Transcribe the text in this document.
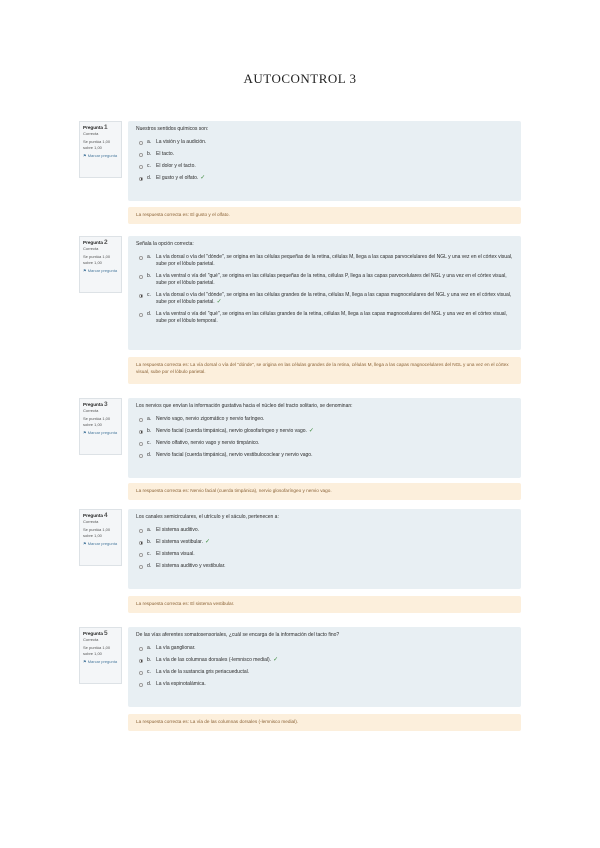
AUTOCONTROL 3
Pregunta 1
Correcta
Se puntúa 1,00 sobre 1,00
⚑ Marcar pregunta
Nuestros sentidos químicos son:
a. La visión y la audición.
b. El tacto.
c.	El dolor y el tacto.
d. El gusto y el olfato. ✓
La respuesta correcta es: El gusto y el olfato.
Pregunta 2
Correcta
Se puntúa 1,00 sobre 1,00
⚑ Marcar pregunta
Señala la opción correcta:
a. La vía dorsal o vía del "dónde", se origina en las células pequeñas de la retina, células M, llega a las capas parvocelulares del NGL y una vez en el córtex visual, sube por el lóbulo parietal.
b. La vía ventral o vía del "qué", se origina en las células pequeñas de la retina, células P, llega a las capas parvocelulares del NGL y una vez en el córtex visual, sube por el lóbulo parietal.
c.	La vía dorsal o vía del "dónde", se origina en las células grandes de la retina, células M, llega a las capas magnocelulares del NGL y una vez en el córtex visual, sube por el lóbulo parietal. ✓
d. La vía ventral o vía del "qué", se origina en las células grandes de la retina, células M, llega a las capas magnocelulares del NGL y una vez en el córtex visual, sube por el lóbulo temporal.
La respuesta correcta es: La vía dorsal o vía del "dónde", se origina en las células grandes de la retina, células M, llega a las capas magnocelulares del NGL y una vez en el córtex visual, sube por el lóbulo parietal.
Pregunta 3
Correcta
Se puntúa 1,00 sobre 1,00
⚑ Marcar pregunta
Los nervios que envían la información gustativa hacia el núcleo del tracto solitario, se denominan:
a. Nervio vago, nervio zigomático y nervio faríngeo.
b. Nervio facial (cuerda timpánica), nervio glosofaríngeo y nervio vago. ✓
c.	Nervio olfativo, nervio vago y nervio timpánico.
d. Nervio facial (cuerda timpánica), nervio vestibulococlear y nervio vago.
La respuesta correcta es: Nervio facial (cuerda timpánica), nervio glosofaríngeo y nervio vago.
Pregunta 4
Correcta
Se puntúa 1,00 sobre 1,00
⚑ Marcar pregunta
Los canales semicirculares, el utrículo y el sáculo, pertenecen a:
a. El sistema auditivo.
b. El sistema vestibular. ✓
c.	El sistema visual.
d. El sistema auditivo y vestibular.
La respuesta correcta es: El sistema vestibular.
Pregunta 5
Correcta
Se puntúa 1,00 sobre 1,00
⚑ Marcar pregunta
De las vías aferentes somatosensoriales, ¿cuál se encarga de la información del tacto fino?
a. La vía ganglionar.
b. La vía de las columnas dorsales (-lemnisco medial). ✓
c.	La vía de la sustancia gris periacueductal.
d. La vía espinotalámica.
La respuesta correcta es: La vía de las columnas dorsales (-lemnisco medial).
